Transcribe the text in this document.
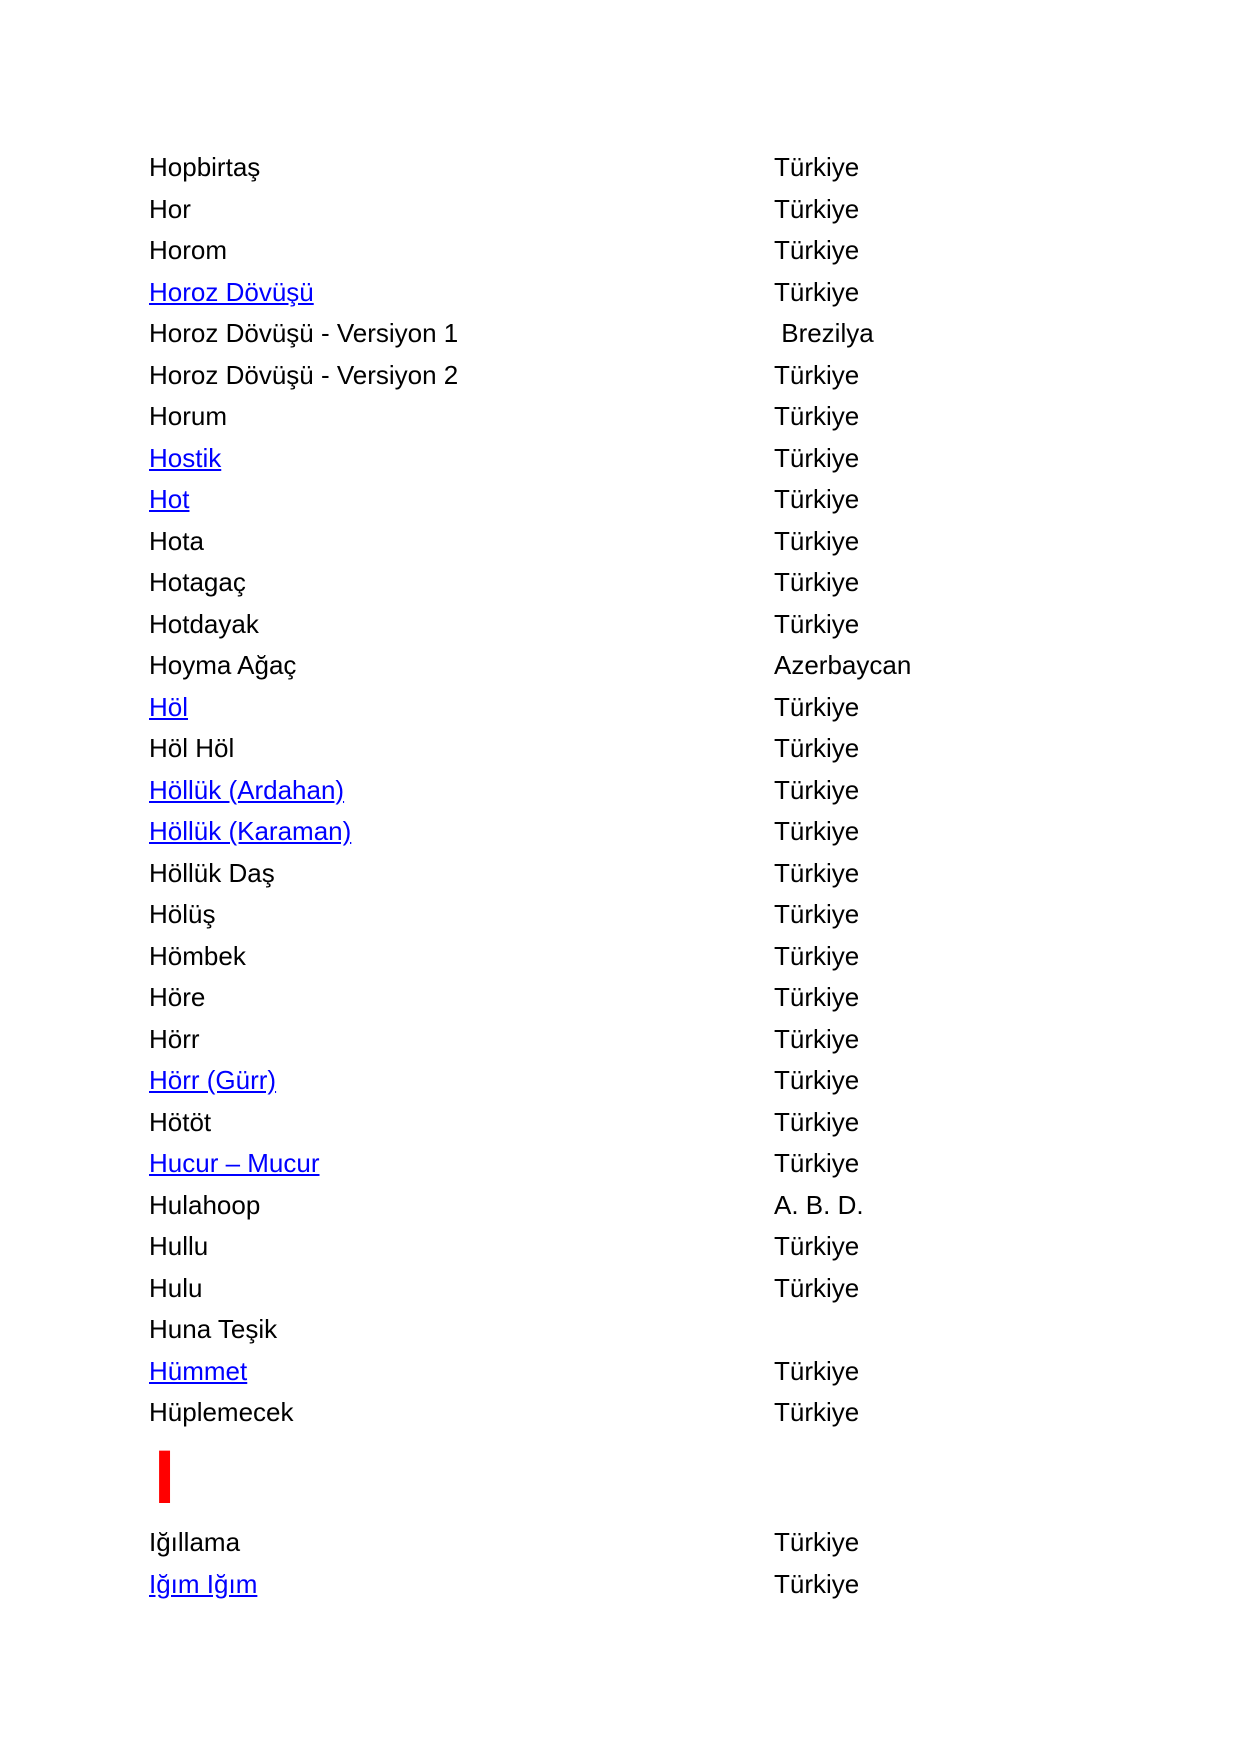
Hopbirtaş	Türkiye
Hor	Türkiye
Horom	Türkiye
Horoz Dövüşü	Türkiye
Horoz Dövüşü - Versiyon 1	Brezilya
Horoz Dövüşü - Versiyon 2	Türkiye
Horum	Türkiye
Hostik	Türkiye
Hot	Türkiye
Hota	Türkiye
Hotagaç	Türkiye
Hotdayak	Türkiye
Hoyma Ağaç	Azerbaycan
Höl	Türkiye
Höl Höl	Türkiye
Höllük (Ardahan)	Türkiye
Höllük (Karaman)	Türkiye
Höllük Daş	Türkiye
Hölüş	Türkiye
Hömbek	Türkiye
Höre	Türkiye
Hörr	Türkiye
Hörr (Gürr)	Türkiye
Hötöt	Türkiye
Hucur – Mucur	Türkiye
Hulahoop	A. B. D.
Hullu	Türkiye
Hulu	Türkiye
Huna Teşik
Hümmet	Türkiye
Hüplemecek	Türkiye
I
Iğıllama	Türkiye
Iğım Iğım	Türkiye
